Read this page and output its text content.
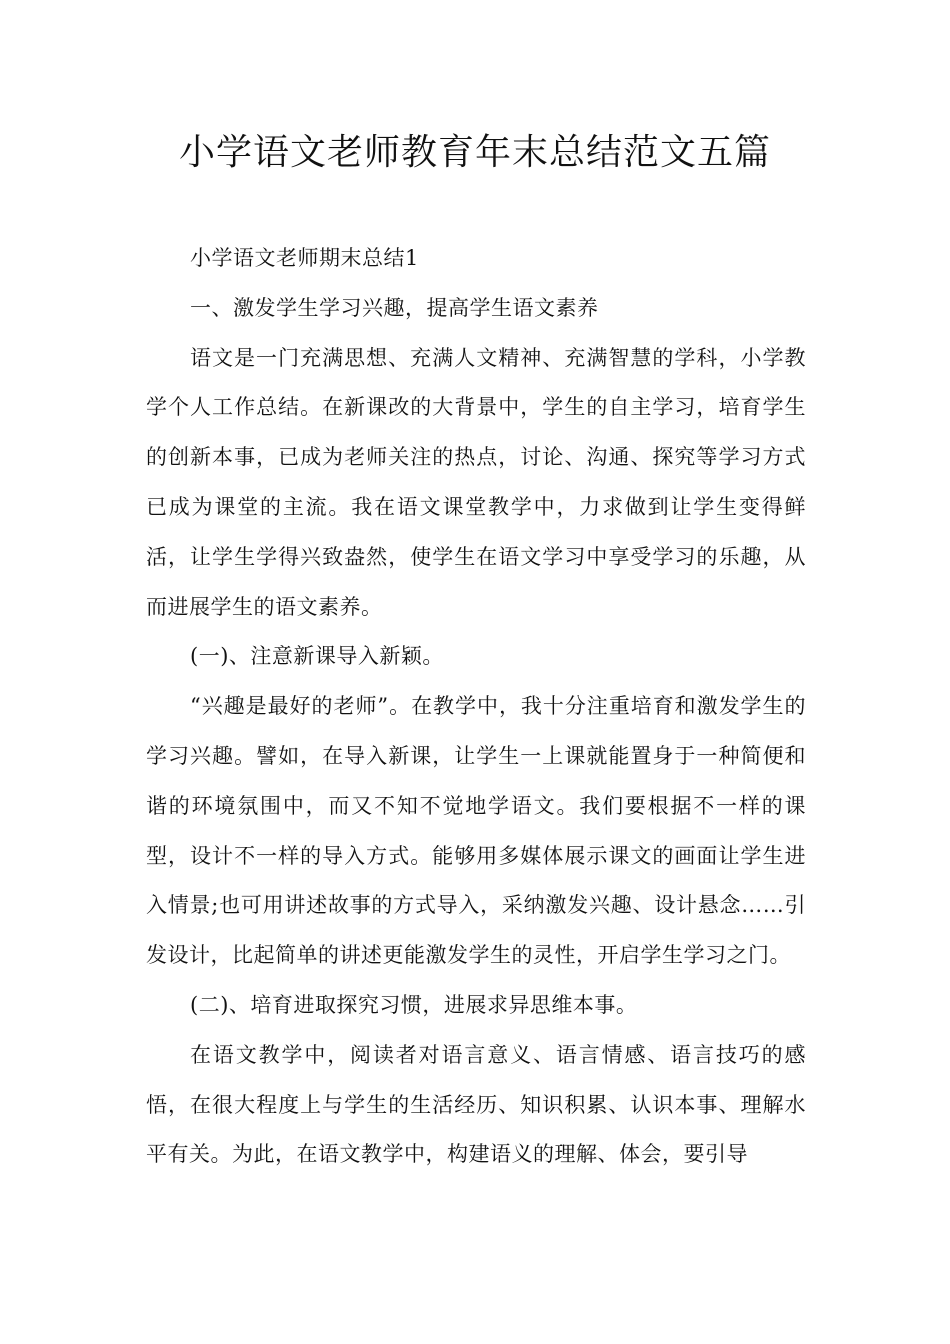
小学语文老师教育年末总结范文五篇

小学语文老师期末总结1

一、激发学生学习兴趣，提高学生语文素养

语文是一门充满思想、充满人文精神、充满智慧的学科，小学教学个人工作总结。在新课改的大背景中，学生的自主学习，培育学生的创新本事，已成为老师关注的热点，讨论、沟通、探究等学习方式已成为课堂的主流。我在语文课堂教学中，力求做到让学生变得鲜活，让学生学得兴致盎然，使学生在语文学习中享受学习的乐趣，从而进展学生的语文素养。

(一)、注意新课导入新颖。

“兴趣是最好的老师”。在教学中，我十分注重培育和激发学生的学习兴趣。譬如，在导入新课，让学生一上课就能置身于一种简便和谐的环境氛围中，而又不知不觉地学语文。我们要根据不一样的课型，设计不一样的导入方式。能够用多媒体展示课文的画面让学生进入情景;也可用讲述故事的方式导入，采纳激发兴趣、设计悬念……引发设计，比起简单的讲述更能激发学生的灵性，开启学生学习之门。

(二)、培育进取探究习惯，进展求异思维本事。

在语文教学中，阅读者对语言意义、语言情感、语言技巧的感悟，在很大程度上与学生的生活经历、知识积累、认识本事、理解水平有关。为此，在语文教学中，构建语义的理解、体会，要引导
